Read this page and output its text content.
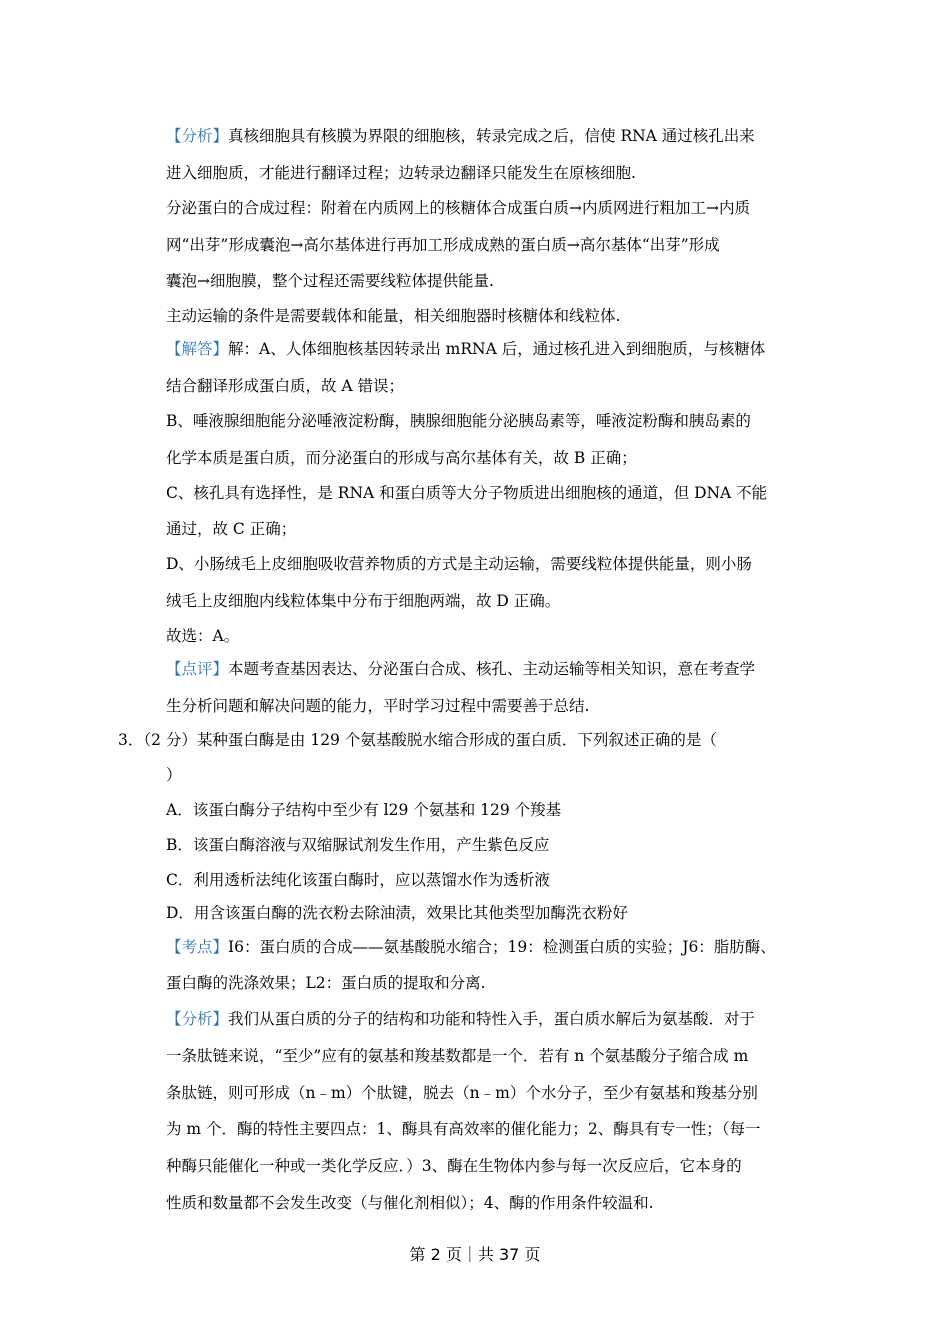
【分析】真核细胞具有核膜为界限的细胞核，转录完成之后，信使 RNA 通过核孔出来
进入细胞质，才能进行翻译过程；边转录边翻译只能发生在原核细胞.
分泌蛋白的合成过程：附着在内质网上的核糖体合成蛋白质→内质网进行粗加工→内质
网“出芽”形成囊泡→高尔基体进行再加工形成成熟的蛋白质→高尔基体“出芽”形成
囊泡→细胞膜，整个过程还需要线粒体提供能量.
主动运输的条件是需要载体和能量，相关细胞器时核糖体和线粒体.
【解答】解：A、人体细胞核基因转录出 mRNA 后，通过核孔进入到细胞质，与核糖体
结合翻译形成蛋白质，故 A 错误；
B、唾液腺细胞能分泌唾液淀粉酶，胰腺细胞能分泌胰岛素等，唾液淀粉酶和胰岛素的
化学本质是蛋白质，而分泌蛋白的形成与高尔基体有关，故 B 正确；
C、核孔具有选择性，是 RNA 和蛋白质等大分子物质进出细胞核的通道，但 DNA 不能
通过，故 C 正确；
D、小肠绒毛上皮细胞吸收营养物质的方式是主动运输，需要线粒体提供能量，则小肠
绒毛上皮细胞内线粒体集中分布于细胞两端，故 D 正确。
故选：A。
【点评】本题考查基因表达、分泌蛋白合成、核孔、主动运输等相关知识，意在考查学
生分析问题和解决问题的能力，平时学习过程中需要善于总结.
3．（2 分）某种蛋白酶是由 129 个氨基酸脱水缩合形成的蛋白质．下列叙述正确的是（
）
A．该蛋白酶分子结构中至少有 l29 个氨基和 129 个羧基
B．该蛋白酶溶液与双缩脲试剂发生作用，产生紫色反应
C．利用透析法纯化该蛋白酶时，应以蒸馏水作为透析液
D．用含该蛋白酶的洗衣粉去除油渍，效果比其他类型加酶洗衣粉好
【考点】I6：蛋白质的合成——氨基酸脱水缩合；19：检测蛋白质的实验；J6：脂肪酶、
蛋白酶的洗涤效果；L2：蛋白质的提取和分离.
【分析】我们从蛋白质的分子的结构和功能和特性入手，蛋白质水解后为氨基酸．对于
一条肽链来说，“至少”应有的氨基和羧基数都是一个．若有 n 个氨基酸分子缩合成 m
条肽链，则可形成（n﹣m）个肽键，脱去（n﹣m）个水分子，至少有氨基和羧基分别
为 m 个．酶的特性主要四点：1、酶具有高效率的催化能力；2、酶具有专一性；（每一
种酶只能催化一种或一类化学反应．）3、酶在生物体内参与每一次反应后，它本身的
性质和数量都不会发生改变（与催化剂相似）；4、酶的作用条件较温和.
第 2 页｜共 37 页
